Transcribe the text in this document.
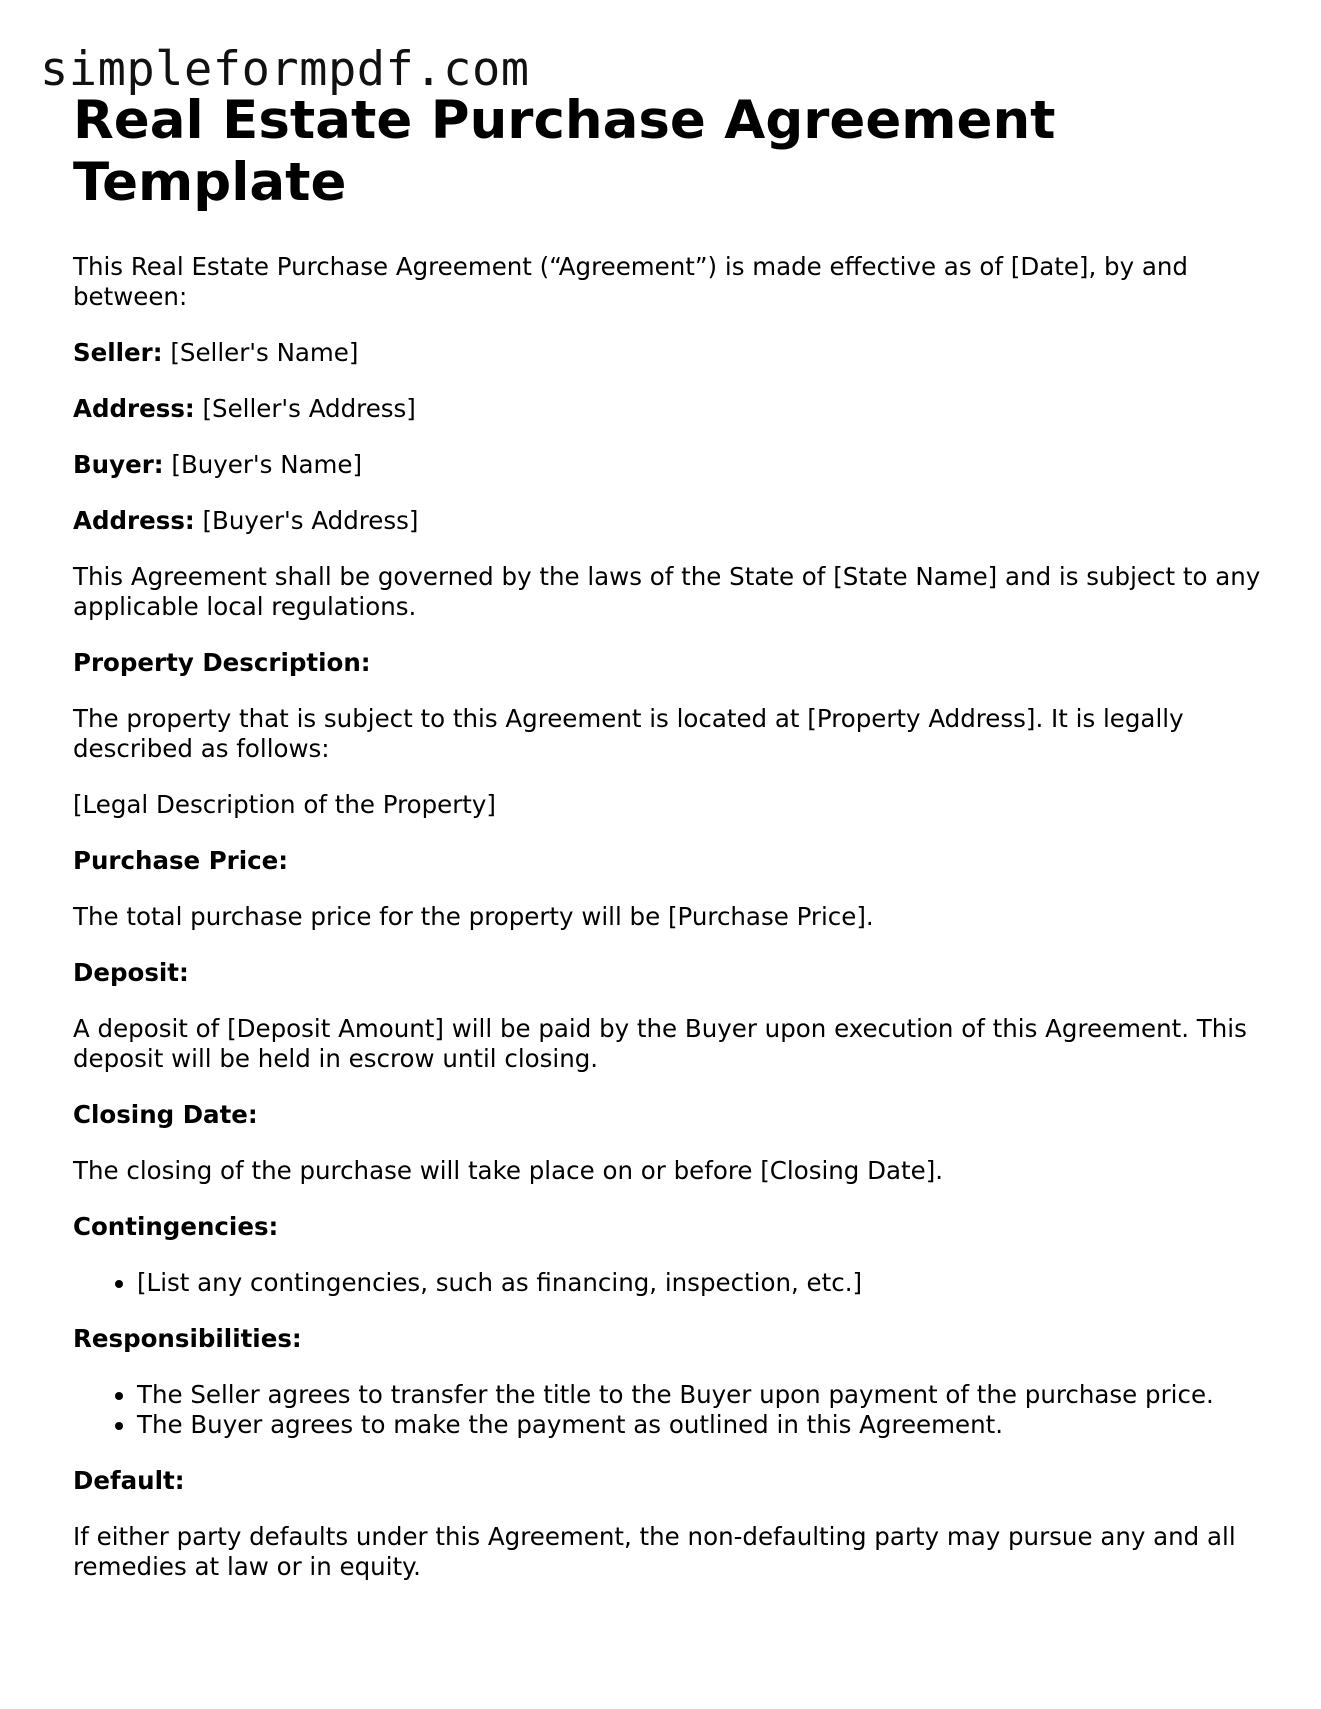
simpleformpdf.com
Real Estate Purchase Agreement Template

This Real Estate Purchase Agreement (“Agreement”) is made effective as of [Date], by and between:

Seller: [Seller's Name]

Address: [Seller's Address]

Buyer: [Buyer's Name]

Address: [Buyer's Address]

This Agreement shall be governed by the laws of the State of [State Name] and is subject to any applicable local regulations.

Property Description:

The property that is subject to this Agreement is located at [Property Address]. It is legally described as follows:

[Legal Description of the Property]

Purchase Price:

The total purchase price for the property will be [Purchase Price].

Deposit:

A deposit of [Deposit Amount] will be paid by the Buyer upon execution of this Agreement. This deposit will be held in escrow until closing.

Closing Date:

The closing of the purchase will take place on or before [Closing Date].

Contingencies:

• [List any contingencies, such as financing, inspection, etc.]

Responsibilities:

• The Seller agrees to transfer the title to the Buyer upon payment of the purchase price.
• The Buyer agrees to make the payment as outlined in this Agreement.

Default:

If either party defaults under this Agreement, the non-defaulting party may pursue any and all remedies at law or in equity.
